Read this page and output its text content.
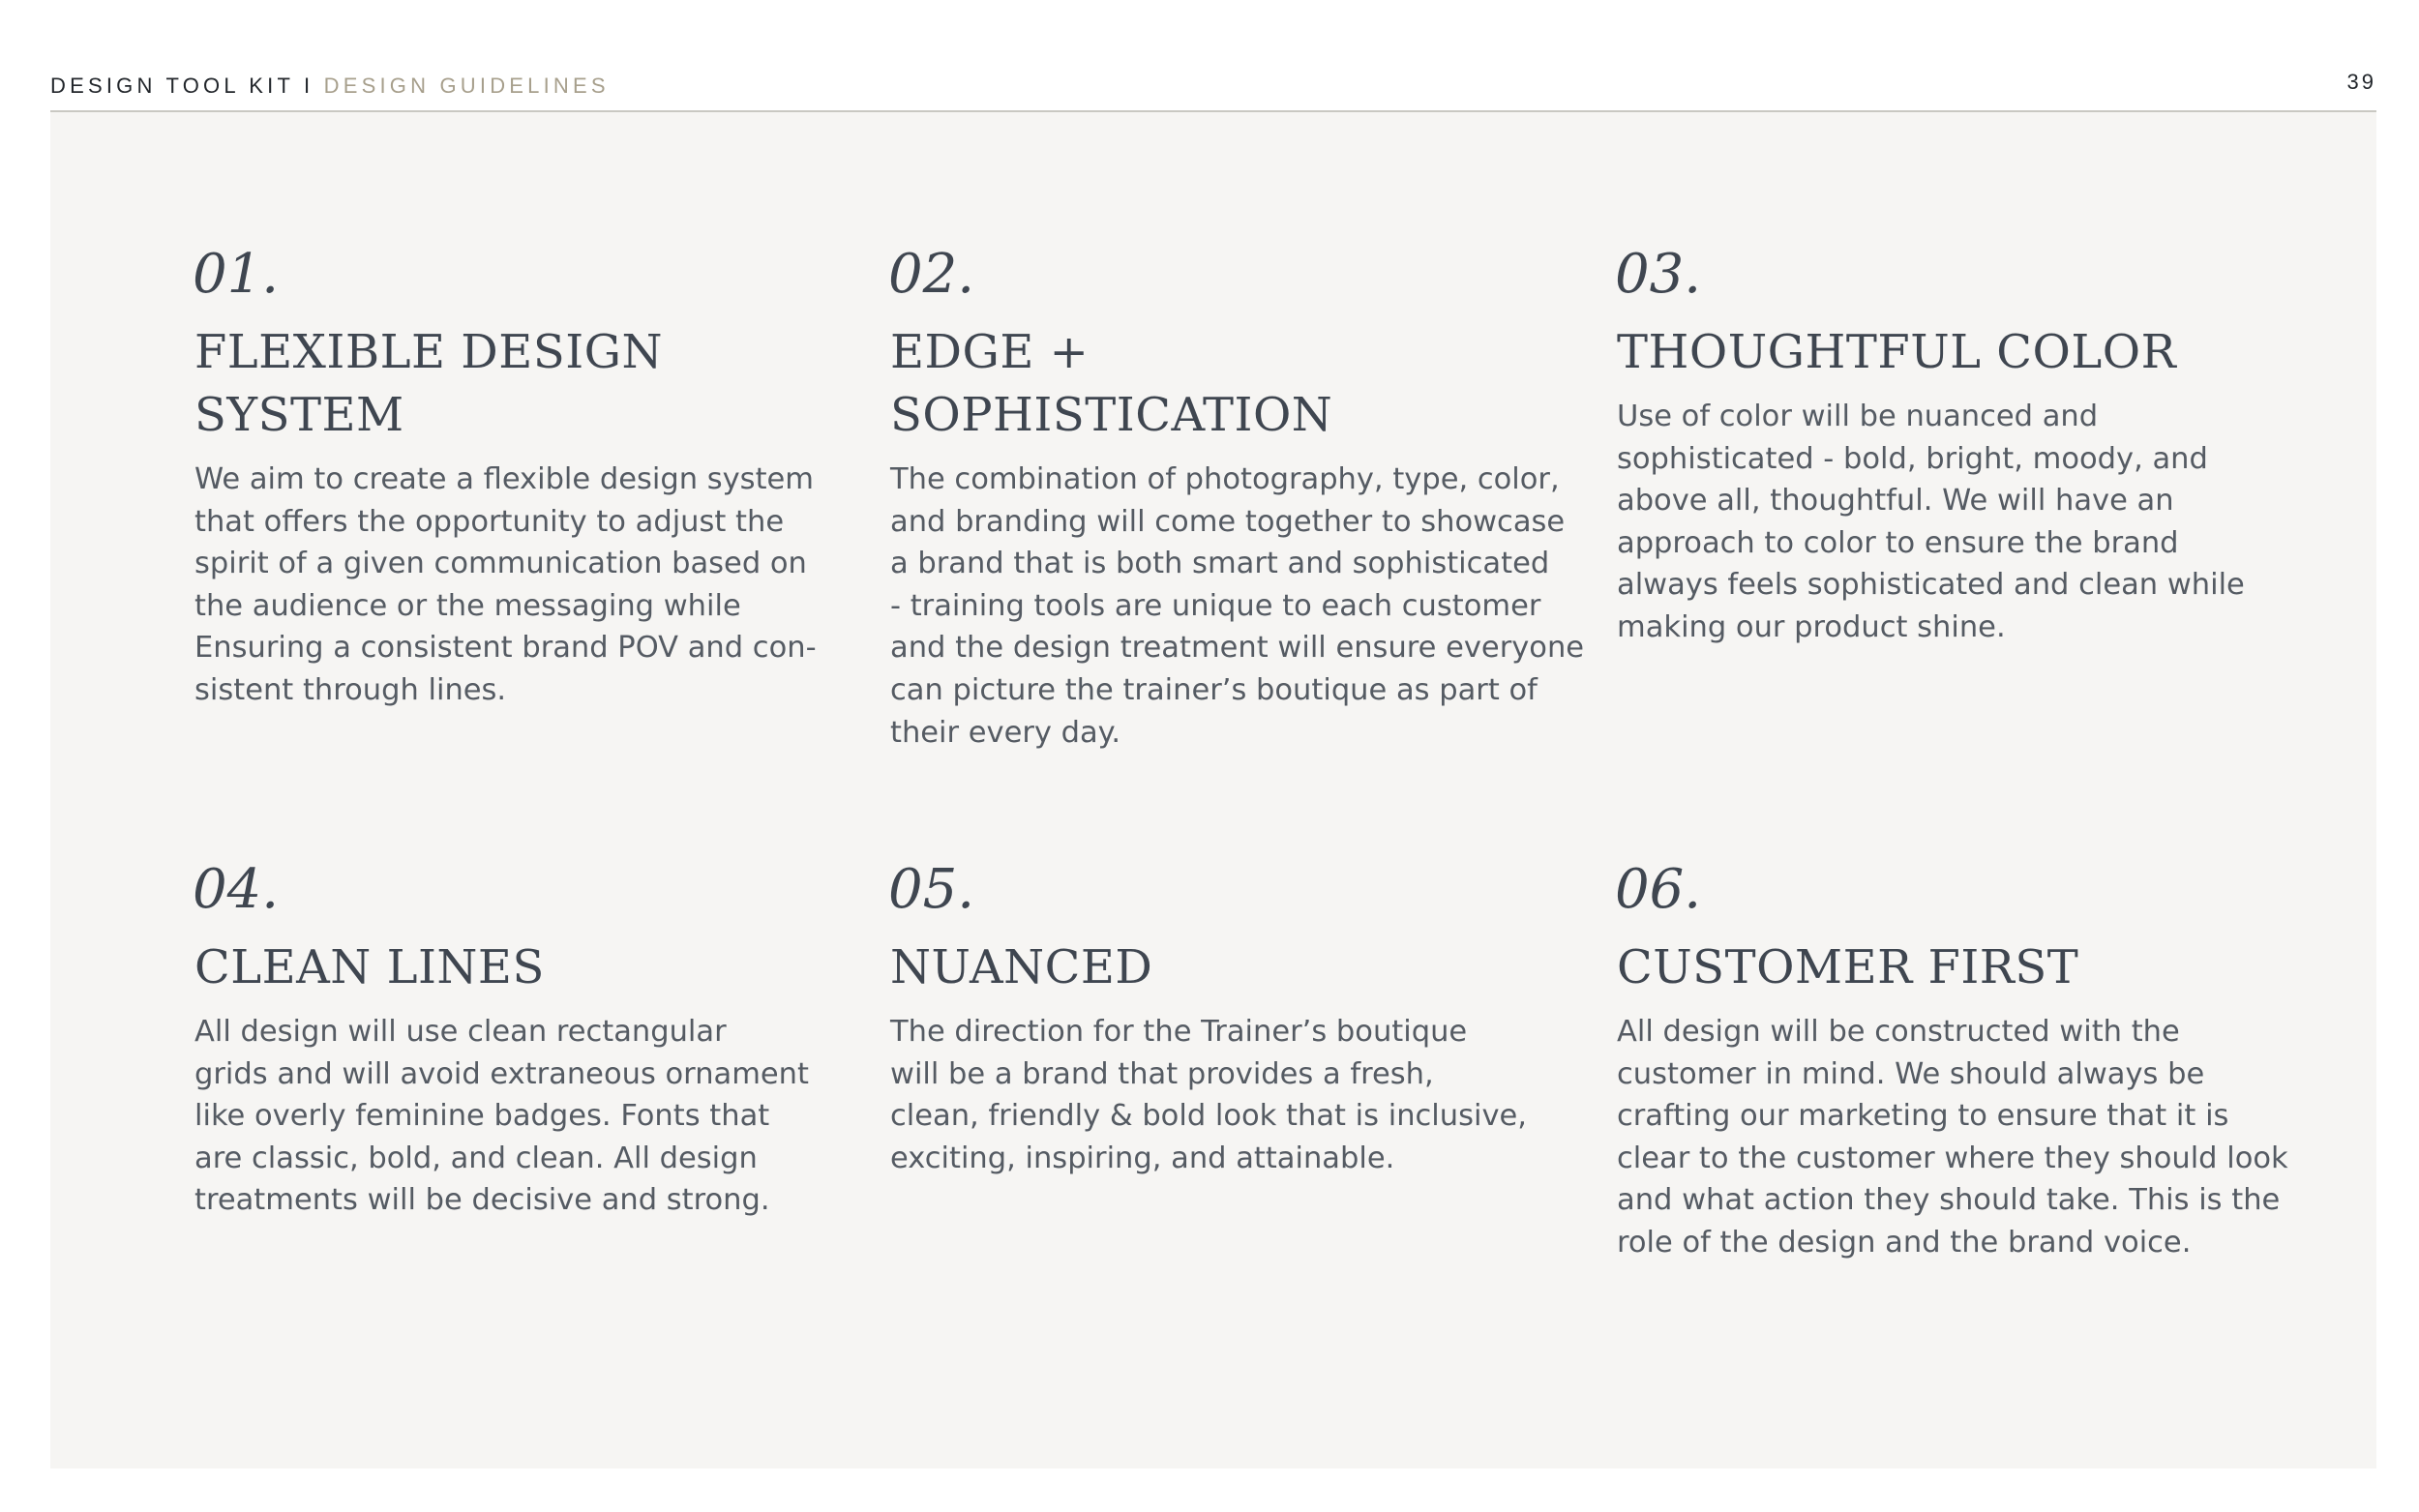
DESIGN TOOL KIT I DESIGN GUIDELINES	39
01.
FLEXIBLE DESIGN
SYSTEM
We aim to create a flexible design system
that offers the opportunity to adjust the
spirit of a given communication based on
the audience or the messaging while
Ensuring a consistent brand POV and con-
sistent through lines.
02.
EDGE +
SOPHISTICATION
The combination of photography, type, color,
and branding will come together to showcase
a brand that is both smart and sophisticated
- training tools are unique to each customer
and the design treatment will ensure everyone
can picture the trainer’s boutique as part of
their every day.
03.
THOUGHTFUL COLOR
Use of color will be nuanced and
sophisticated - bold, bright, moody, and
above all, thoughtful. We will have an
approach to color to ensure the brand
always feels sophisticated and clean while
making our product shine.
04.
CLEAN LINES
All design will use clean rectangular
grids and will avoid extraneous ornament
like overly feminine badges. Fonts that
are classic, bold, and clean. All design
treatments will be decisive and strong.
05.
NUANCED
The direction for the Trainer’s boutique
will be a brand that provides a fresh,
clean, friendly & bold look that is inclusive,
exciting, inspiring, and attainable.
06.
CUSTOMER FIRST
All design will be constructed with the
customer in mind. We should always be
crafting our marketing to ensure that it is
clear to the customer where they should look
and what action they should take. This is the
role of the design and the brand voice.
